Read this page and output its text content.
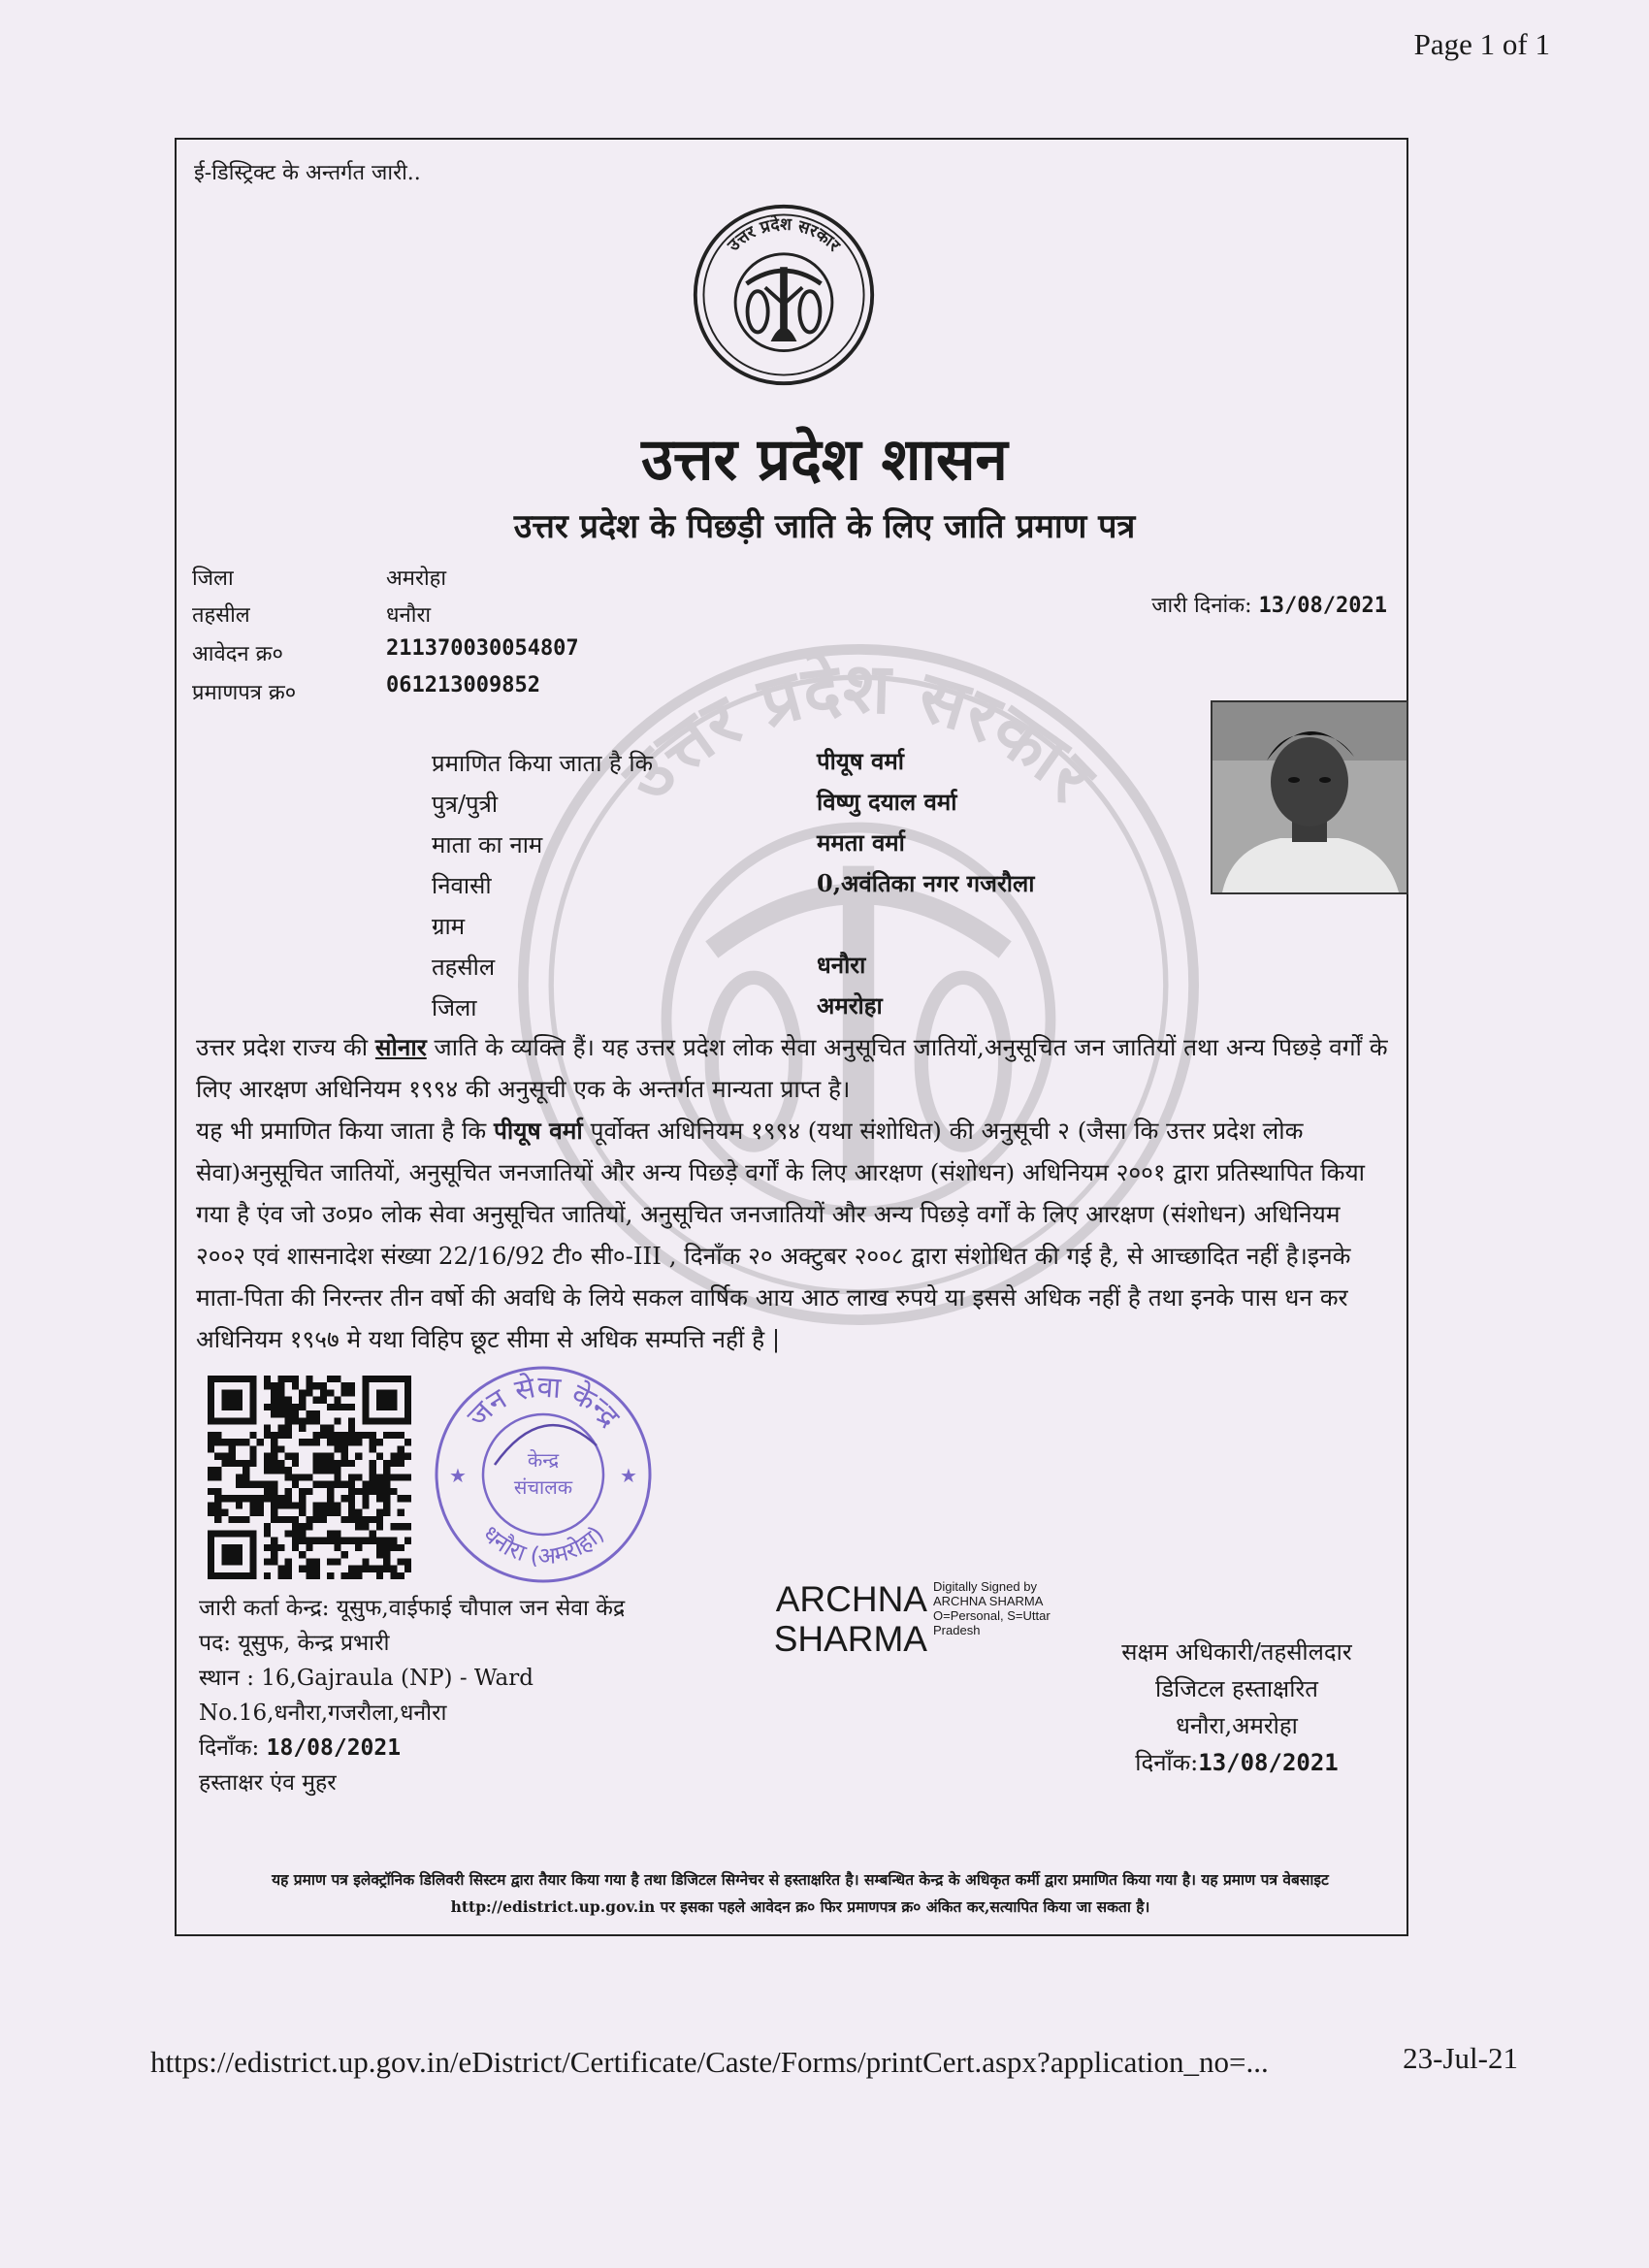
Page 1 of 1
ई-डिस्ट्रिक्ट के अन्तर्गत जारी..
उत्तर प्रदेश सरकार
उत्तर प्रदेश सरकार
उत्तर प्रदेश शासन
उत्तर प्रदेश के पिछड़ी जाति के लिए जाति प्रमाण पत्र
जिला	अमरोहा
तहसील	धनौरा
आवेदन क्र०	211370030054807
प्रमाणपत्र क्र०	061213009852
जारी दिनांक: 13/08/2021
प्रमाणित किया जाता है कि	पीयूष वर्मा
पुत्र/पुत्री	विष्णु दयाल वर्मा
माता का नाम	ममता वर्मा
निवासी	0,अवंतिका नगर गजरौला
ग्राम
तहसील	धनौरा
जिला	अमरोहा
उत्तर प्रदेश राज्य की सोनार जाति के व्यक्ति हैं। यह उत्तर प्रदेश लोक सेवा अनुसूचित जातियों,अनुसूचित जन जातियों तथा अन्य पिछड़े वर्गों के लिए आरक्षण अधिनियम १९९४ की अनुसूची एक के अन्तर्गत मान्यता प्राप्त है।
यह भी प्रमाणित किया जाता है कि पीयूष वर्मा पूर्वोक्त अधिनियम १९९४ (यथा संशोधित) की अनुसूची २ (जैसा कि उत्तर प्रदेश लोक सेवा)अनुसूचित जातियों, अनुसूचित जनजातियों और अन्य पिछड़े वर्गों के लिए आरक्षण (संशोधन) अधिनियम २००१ द्वारा प्रतिस्थापित किया गया है एंव जो उ०प्र० लोक सेवा अनुसूचित जातियों, अनुसूचित जनजातियों और अन्य पिछड़े वर्गों के लिए आरक्षण (संशोधन) अधिनियम २००२ एवं शासनादेश संख्या 22/16/92 टी० सी०-III , दिनाँक २० अक्टुबर २००८ द्वारा संशोधित की गई है, से आच्छादित नहीं है।इनके माता-पिता की निरन्तर तीन वर्षो की अवधि के लिये सकल वार्षिक आय आठ लाख रुपये या इससे अधिक नहीं है तथा इनके पास धन कर अधिनियम १९५७ मे यथा विहिप छूट सीमा से अधिक सम्पत्ति नहीं है |
जन सेवा केन्द्र
धनौरा (अमरोहा)
केन्द्र
संचालक
★	★
जारी कर्ता केन्द्र: यूसुफ,वाईफाई चौपाल जन सेवा केंद्र
पद: यूसुफ, केन्द्र प्रभारी
स्थान : 16,Gajraula (NP) - Ward
No.16,धनौरा,गजरौला,धनौरा
दिनाँक: 18/08/2021
हस्ताक्षर एंव मुहर
ARCHNA
SHARMA
Digitally Signed by
ARCHNA SHARMA
O=Personal, S=Uttar
Pradesh
सक्षम अधिकारी/तहसीलदार
डिजिटल हस्ताक्षरित
धनौरा,अमरोहा
दिनाँक:13/08/2021
यह प्रमाण पत्र इलेक्ट्रॉनिक डिलिवरी सिस्टम द्वारा तैयार किया गया है तथा डिजिटल सिग्नेचर से हस्ताक्षरित है। सम्बन्धित केन्द्र के अधिकृत कर्मी द्वारा प्रमाणित किया गया है। यह प्रमाण पत्र वेबसाइट http://edistrict.up.gov.in पर इसका पहले आवेदन क्र० फिर प्रमाणपत्र क्र० अंकित कर,सत्यापित किया जा सकता है।
https://edistrict.up.gov.in/eDistrict/Certificate/Caste/Forms/printCert.aspx?application_no=...	23-Jul-21
